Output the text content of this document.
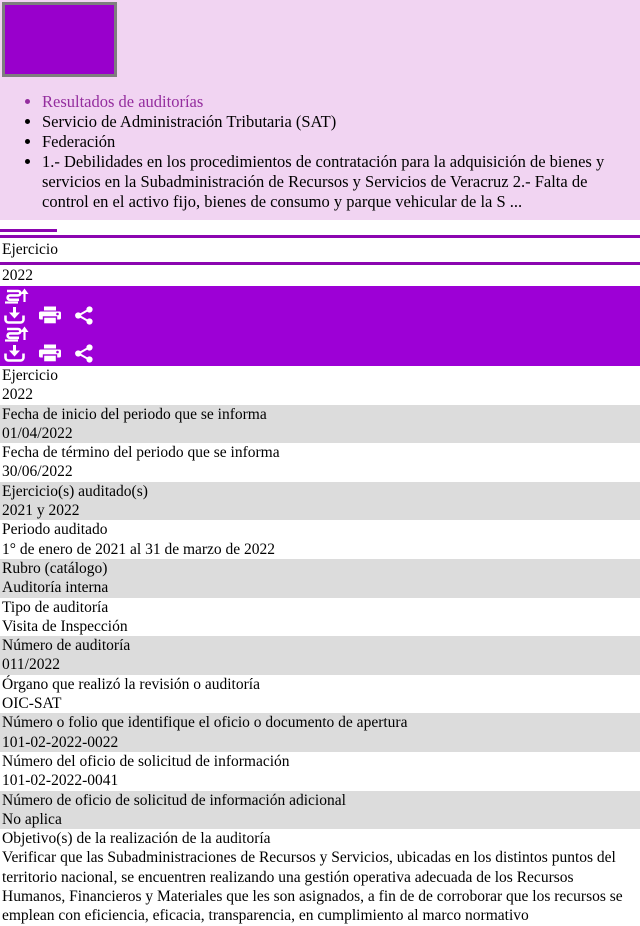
• Resultados de auditorías
• Servicio de Administración Tributaria (SAT)
• Federación
• 1.- Debilidades en los procedimientos de contratación para la adquisición de bienes y servicios en la Subadministración de Recursos y Servicios de Veracruz 2.- Falta de control en el activo fijo, bienes de consumo y parque vehicular de la S ...
Ejercicio
2022
Ejercicio
2022
Fecha de inicio del periodo que se informa
01/04/2022
Fecha de término del periodo que se informa
30/06/2022
Ejercicio(s) auditado(s)
2021 y 2022
Periodo auditado
1° de enero de 2021 al 31 de marzo de 2022
Rubro (catálogo)
Auditoría interna
Tipo de auditoría
Visita de Inspección
Número de auditoría
011/2022
Órgano que realizó la revisión o auditoría
OIC-SAT
Número o folio que identifique el oficio o documento de apertura
101-02-2022-0022
Número del oficio de solicitud de información
101-02-2022-0041
Número de oficio de solicitud de información adicional
No aplica
Objetivo(s) de la realización de la auditoría
Verificar que las Subadministraciones de Recursos y Servicios, ubicadas en los distintos puntos del territorio nacional, se encuentren realizando una gestión operativa adecuada de los Recursos Humanos, Financieros y Materiales que les son asignados, a fin de de corroborar que los recursos se emplean con eficiencia, eficacia, transparencia, en cumplimiento al marco normativo
